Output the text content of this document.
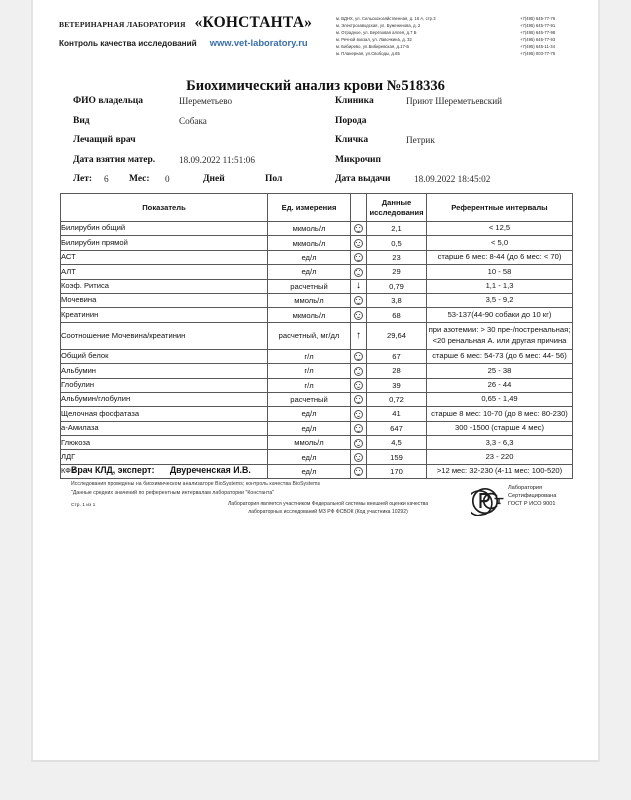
ВЕТЕРИНАРНАЯ ЛАБОРАТОРИЯ «КОНСТАНТА»
Контроль качества исследований www.vet-laboratory.ru
м. ВДНХ, ул. Сельскохозяйственная, д. 16 А, стр.3	+7(495) 645-77-76
м. Электрозаводская, ул. Буженинова, д. 2	+7(495) 645-77-91
м. Отрадное, ул. Берёзовая аллея, д.7 Б	+7(495) 645-77-98
м. Речной вокзал, ул. Лавочкина, д. 32	+7(495) 645-77-93
м. Бибирево, ул.Бибиревская, д.17-Б	+7(495) 645-11-34
м. Планерная, ул.Свободы, д.65	+7(495) 003-77-75
Биохимический анализ крови №518336
ФИО владельца	Шереметьево	Клиника	Приют Шереметьевский
Вид	Собака	Порода
Лечащий врач	Кличка	Петрик
Дата взятия матер.	18.09.2022 11:51:06	Микрочип
Лет: 6 Мес: 0	Дней	Пол	Дата выдачи	18.09.2022 18:45:02
Показатель	Ед. измерения		Данные
исследования	Референтные интервалы
Билирубин общий	мкмоль/л		2,1	< 12,5
Билирубин прямой	мкмоль/л		0,5	< 5,0
АСТ	ед/л		23	старше 6 мес: 8-44 (до 6 мес: < 70)
АЛТ	ед/л		29	10 - 58
Коэф. Ритиса	расчетный	↓	0,79	1,1 - 1,3
Мочевина	ммоль/л		3,8	3,5 - 9,2
Креатинин	мкмоль/л		68	53-137(44-90 собаки до 10 кг)
Соотношение Мочевина/креатинин	расчетный, мг/дл	↑	29,64	при азотемии: > 30 пре-/постренальная; <20 ренальная А. или другая причина
Общий белок	г/л		67	старше 6 мес: 54-73 (до 6 мес: 44- 56)
Альбумин	г/л		28	25 - 38
Глобулин	г/л		39	26 - 44
Альбумин/глобулин	расчетный		0,72	0,65 - 1,49
Щелочная фосфатаза	ед/л		41	старше 8 мес: 10-70 (до 8 мес: 80-230)
а-Амилаза	ед/л		647	300 -1500 (старше 4 мес)
Глюкоза	ммоль/л		4,5	3,3 - 6,3
ЛДГ	ед/л		159	23 - 220
КФК	ед/л		170	>12 мес: 32-230 (4-11 мес: 100-520)
Врач КЛД, эксперт: Двуреченская И.В.
Исследования проведены на биохимическом анализаторе BioSystems; контроль качества BioSystems
"Данные средних значений по референтным интервалам лаборатории "Константа"
Стр. 1 из 1	Лаборатория является участником Федеральной системы внешней оценки качества
лабораторных исследований МЗ РФ ФСВОК (Код участника 10292)
Лаборатория
Сертифицирована
ГОСТ Р ИСО 9001
